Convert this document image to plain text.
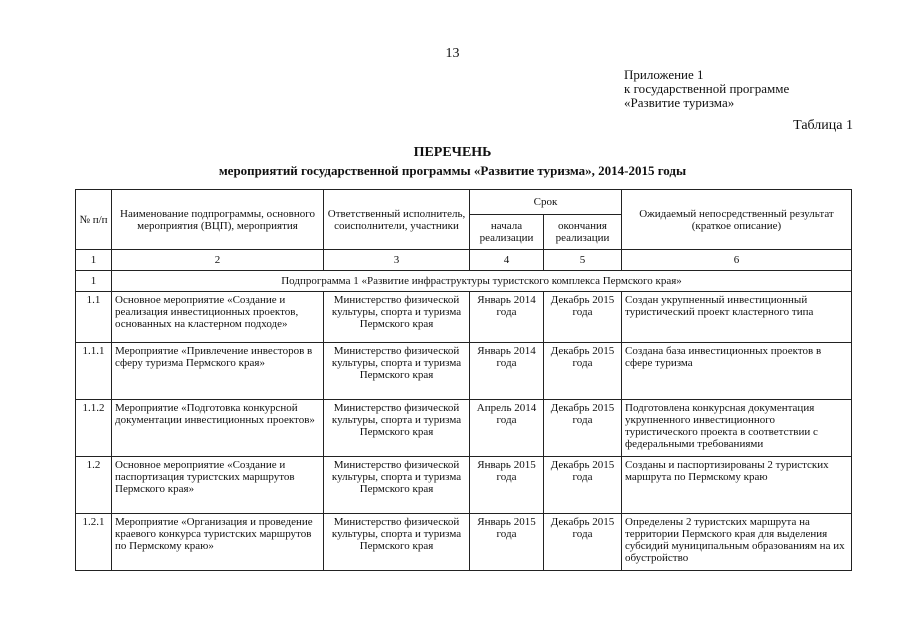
13
Приложение 1
к государственной программе
«Развитие туризма»
Таблица 1
ПЕРЕЧЕНЬ
мероприятий государственной программы «Развитие туризма», 2014-2015 годы
№ п/п	Наименование подпрограммы, основного мероприятия (ВЦП), мероприятия	Ответственный исполнитель, соисполнители, участники	Срок		Ожидаемый непосредственный результат (краткое описание)
			начала реализации	окончания реализации	
1	2	3	4	5	6
1	Подпрограмма 1 «Развитие инфраструктуры туристского комплекса Пермского края»				
1.1	Основное мероприятие «Создание и реализация инвестиционных проектов, основанных на кластерном подходе»	Министерство физической культуры, спорта и туризма Пермского края	Январь 2014 года	Декабрь 2015 года	Создан укрупненный инвестиционный туристический проект кластерного типа
1.1.1	Мероприятие «Привлечение инвесторов в сферу туризма Пермского края»	Министерство физической культуры, спорта и туризма Пермского края	Январь 2014 года	Декабрь 2015 года	Создана база инвестиционных проектов в сфере туризма
1.1.2	Мероприятие «Подготовка конкурсной документации инвестиционных проектов»	Министерство физической культуры, спорта и туризма Пермского края	Апрель 2014 года	Декабрь 2015 года	Подготовлена конкурсная документация укрупненного инвестиционного туристического проекта в соответствии с федеральными требованиями
1.2	Основное мероприятие «Создание и паспортизация туристских маршрутов Пермского края»	Министерство физической культуры, спорта и туризма Пермского края	Январь 2015 года	Декабрь 2015 года	Созданы и паспортизированы 2 туристских маршрута по Пермскому краю
1.2.1	Мероприятие «Организация и проведение краевого конкурса туристских маршрутов по Пермскому краю»	Министерство физической культуры, спорта и туризма Пермского края	Январь 2015 года	Декабрь 2015 года	Определены 2 туристских маршрута на территории Пермского края для выделения субсидий муниципальным образованиям на их обустройство
